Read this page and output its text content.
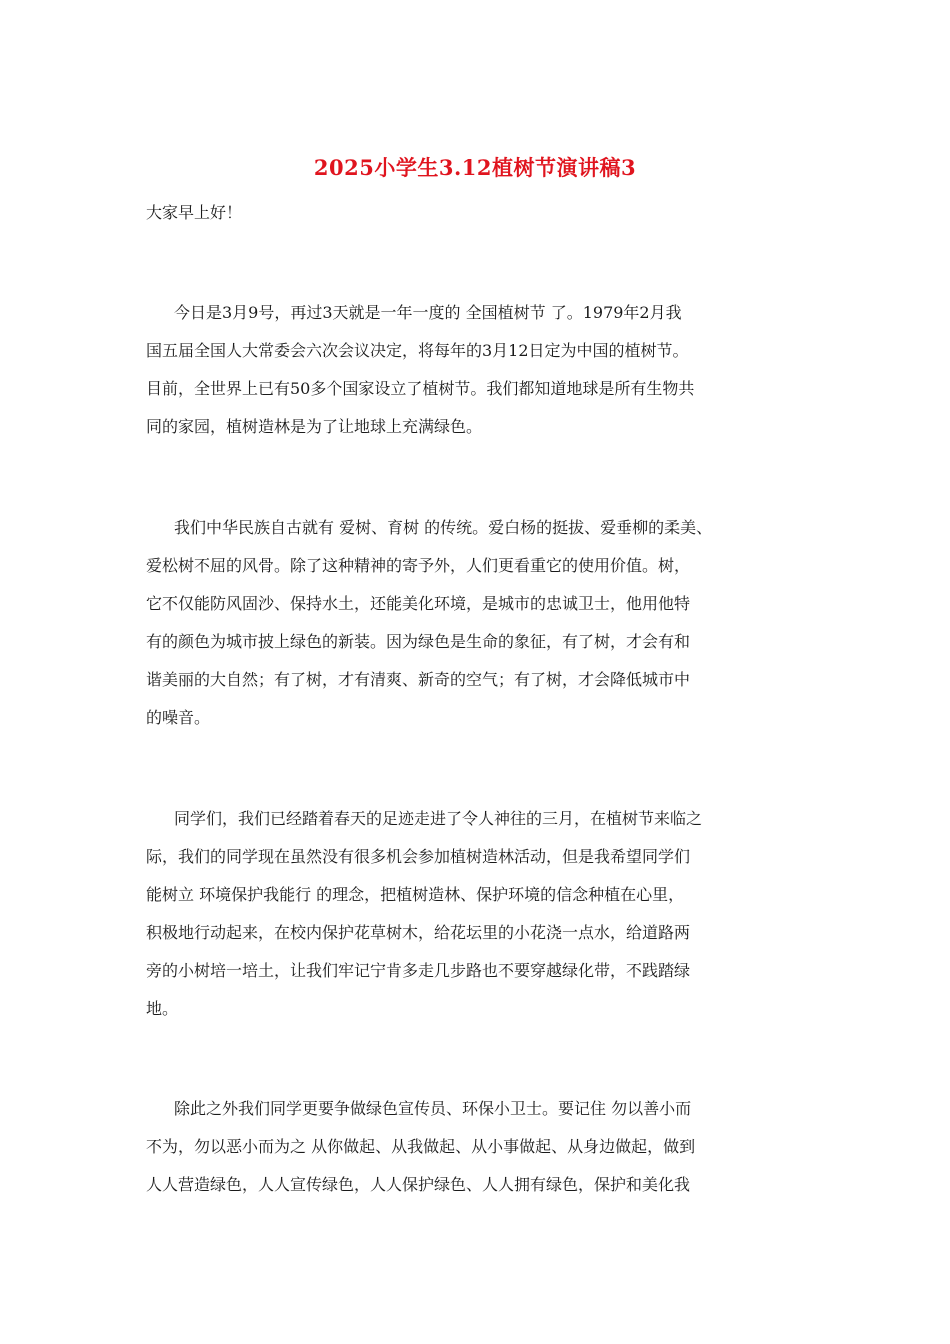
2025小学生3.12植树节演讲稿3
大家早上好！
今日是3月9号，再过3天就是一年一度的 全国植树节 了。1979年2月我
国五届全国人大常委会六次会议决定，将每年的3月12日定为中国的植树节。
目前，全世界上已有50多个国家设立了植树节。我们都知道地球是所有生物共
同的家园，植树造林是为了让地球上充满绿色。
我们中华民族自古就有 爱树、育树 的传统。爱白杨的挺拔、爱垂柳的柔美、
爱松树不屈的风骨。除了这种精神的寄予外，人们更看重它的使用价值。树，
它不仅能防风固沙、保持水土，还能美化环境，是城市的忠诚卫士，他用他特
有的颜色为城市披上绿色的新装。因为绿色是生命的象征，有了树，才会有和
谐美丽的大自然；有了树，才有清爽、新奇的空气；有了树，才会降低城市中
的噪音。
同学们，我们已经踏着春天的足迹走进了令人神往的三月，在植树节来临之
际，我们的同学现在虽然没有很多机会参加植树造林活动，但是我希望同学们
能树立 环境保护我能行 的理念，把植树造林、保护环境的信念种植在心里，
积极地行动起来，在校内保护花草树木，给花坛里的小花浇一点水，给道路两
旁的小树培一培土，让我们牢记宁肯多走几步路也不要穿越绿化带，不践踏绿
地。
除此之外我们同学更要争做绿色宣传员、环保小卫士。要记住 勿以善小而
不为，勿以恶小而为之 从你做起、从我做起、从小事做起、从身边做起，做到
人人营造绿色，人人宣传绿色，人人保护绿色、人人拥有绿色，保护和美化我
